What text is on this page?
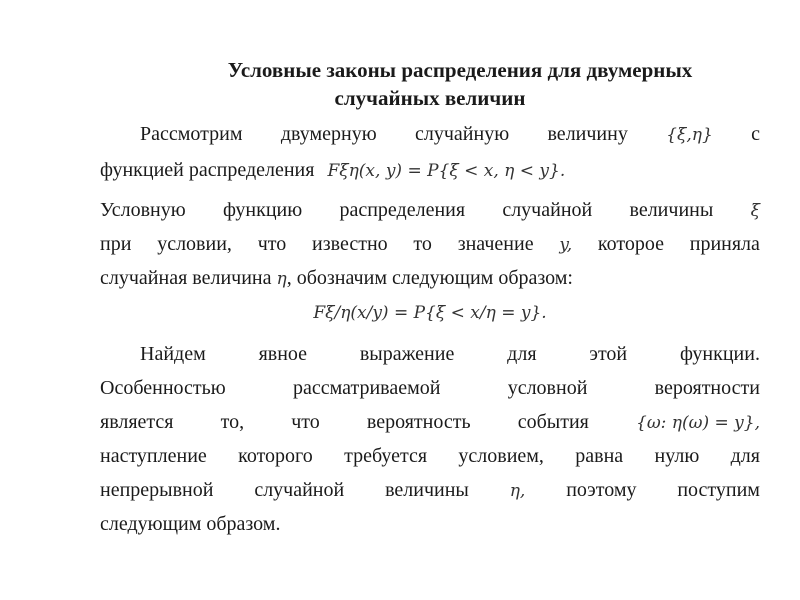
Условные законы распределения для двумерных
случайных величин
Рассмотрим двумерную случайную величину {ξ,η} с
функцией распределения Fξη(x, y) = P{ξ < x, η < y}.
Условную функцию распределения случайной величины ξ
при условии, что известно то значение y, которое приняла
случайная величина η, обозначим следующим образом:
Fξ/η(x/y) = P{ξ < x/η = y}.
Найдем	явное	выражение	для	этой	функции.
Особенностью	рассматриваемой	условной	вероятности
является то, что вероятность события	{ω: η(ω) = y},
наступление которого требуется условием, равна нулю для
непрерывной случайной величины η, поэтому поступим
следующим образом.
